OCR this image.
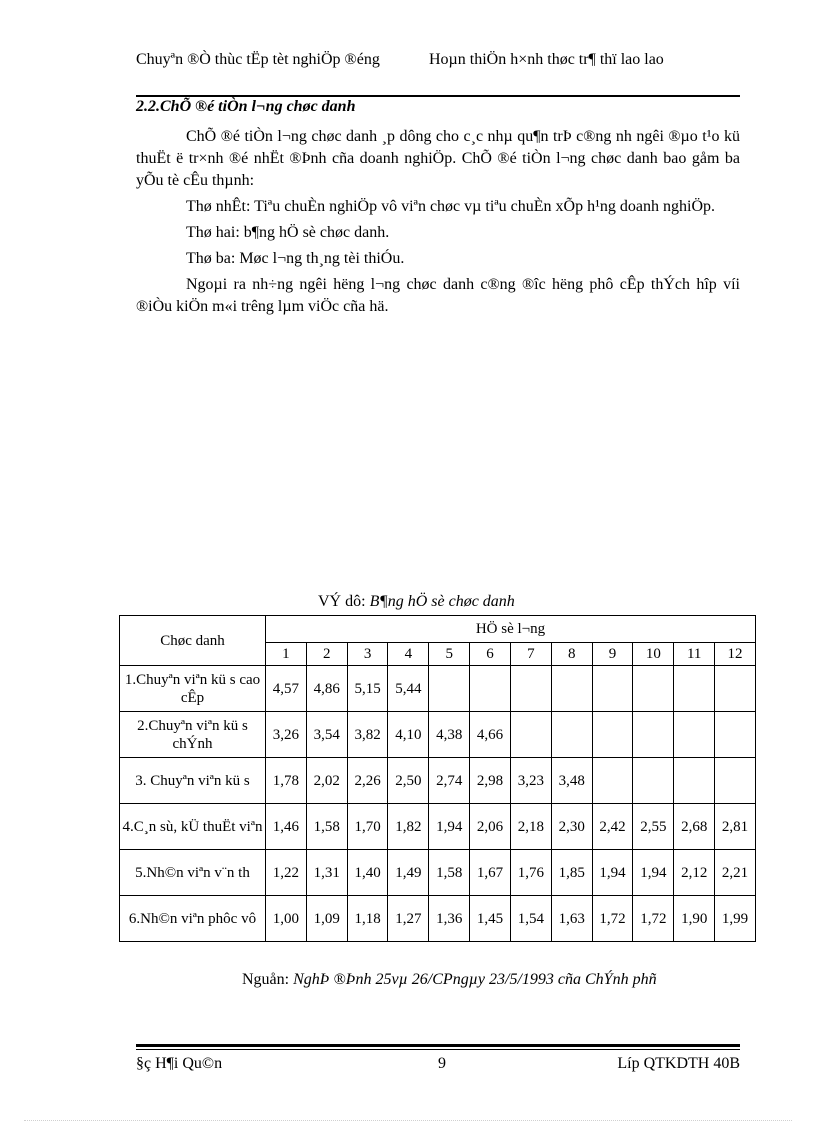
Chuyªn ®Ò thùc tËp tèt nghiÖp ®éng	Hoµn thiÖn h×nh thøc tr¶ thï lao lao
2.2.ChÕ ®é tiÒn l¬ng chøc danh

ChÕ ®é tiÒn l¬ng chøc danh ¸p dông cho c¸c nhµ qu¶n trÞ c®ng nh ngêi ®µo t¹o kü thuËt ë tr×nh ®é nhËt ®Þnh cña doanh nghiÖp. ChÕ ®é tiÒn l¬ng chøc danh bao gåm ba yÕu tè cÊu thµnh:

Thø nhÊt: Tiªu chuÈn nghiÖp vô viªn chøc vµ tiªu chuÈn xÕp h¹ng doanh nghiÖp.

Thø hai: b¶ng hÖ sè chøc danh.

Thø ba: Møc l¬ng th¸ng tèi thiÓu.

Ngoµi ra nh÷ng ngêi hëng l¬ng chøc danh c®ng ®îc hëng phô cÊp thÝch hîp víi ®iÒu kiÖn m«i trêng lµm viÖc cña hä.

VÝ dô: B¶ng hÖ sè chøc danh
Chøc danh	HÖ sè l¬ng											
	1	2	3	4	5	6	7	8	9	10	11	12
1.Chuyªn viªn kü s cao cÊp	4,57	4,86	5,15	5,44								
2.Chuyªn viªn kü s chÝnh	3,26	3,54	3,82	4,10	4,38	4,66						
3. Chuyªn viªn kü s	1,78	2,02	2,26	2,50	2,74	2,98	3,23	3,48				
4.C¸n sù, kÜ thuËt viªn	1,46	1,58	1,70	1,82	1,94	2,06	2,18	2,30	2,42	2,55	2,68	2,81
5.Nh©n viªn v¨n th	1,22	1,31	1,40	1,49	1,58	1,67	1,76	1,85	1,94	1,94	2,12	2,21
6.Nh©n viªn phôc vô	1,00	1,09	1,18	1,27	1,36	1,45	1,54	1,63	1,72	1,72	1,90	1,99
Nguån: NghÞ ®Þnh 25vµ 26/CPngµy 23/5/1993 cña ChÝnh phñ
§ç H¶i Qu©n	9	Líp QTKDTH 40B
